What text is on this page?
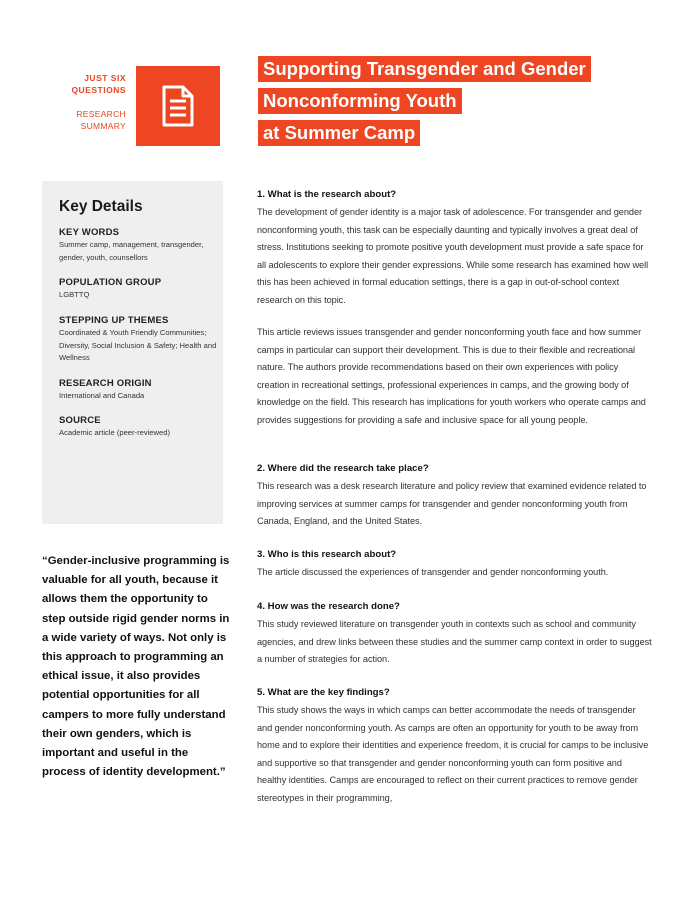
JUST SIX QUESTIONS
RESEARCH SUMMARY
Supporting Transgender and Gender
Nonconforming Youth
at Summer Camp
Key Details
KEY WORDS
Summer camp, management, transgender, gender, youth, counsellors
POPULATION GROUP
LGBTTQ
STEPPING UP THEMES
Coordinated & Youth Friendly Communities; Diversity, Social Inclusion & Safety; Health and Wellness
RESEARCH ORIGIN
International and Canada
SOURCE
Academic article (peer-reviewed)
“Gender-inclusive programming is valuable for all youth, because it allows them the opportunity to step outside rigid gender norms in a wide variety of ways. Not only is this approach to programming an ethical issue, it also provides potential opportunities for all campers to more fully understand their own genders, which is important and useful in the process of identity development.”

1. What is the research about?

The development of gender identity is a major task of adolescence. For transgender and gender nonconforming youth, this task can be especially daunting and typically involves a great deal of stress. Institutions seeking to promote positive youth development must provide a safe space for all adolescents to explore their gender expressions. While some research has examined how well this has been achieved in formal education settings, there is a gap in out-of-school context research on this topic.

This article reviews issues transgender and gender nonconforming youth face and how summer camps in particular can support their development. This is due to their flexible and recreational nature. The authors provide recommendations based on their own experiences with policy creation in recreational settings, professional experiences in camps, and the growing body of knowledge on the field. This research has implications for youth workers who operate camps and provides suggestions for providing a safe and inclusive space for all young people.

2. Where did the research take place?

This research was a desk research literature and policy review that examined evidence related to improving services at summer camps for transgender and gender nonconforming youth from Canada, England, and the United States.

3. Who is this research about?

The article discussed the experiences of transgender and gender nonconforming youth.

4. How was the research done?

This study reviewed literature on transgender youth in contexts such as school and community agencies, and drew links between these studies and the summer camp context in order to suggest a number of strategies for action.

5. What are the key findings?

This study shows the ways in which camps can better accommodate the needs of transgender and gender nonconforming youth. As camps are often an opportunity for youth to be away from home and to explore their identities and experience freedom, it is crucial for camps to be inclusive and supportive so that transgender and gender nonconforming youth can form positive and healthy identities. Camps are encouraged to reflect on their current practices to remove gender stereotypes in their programming,
